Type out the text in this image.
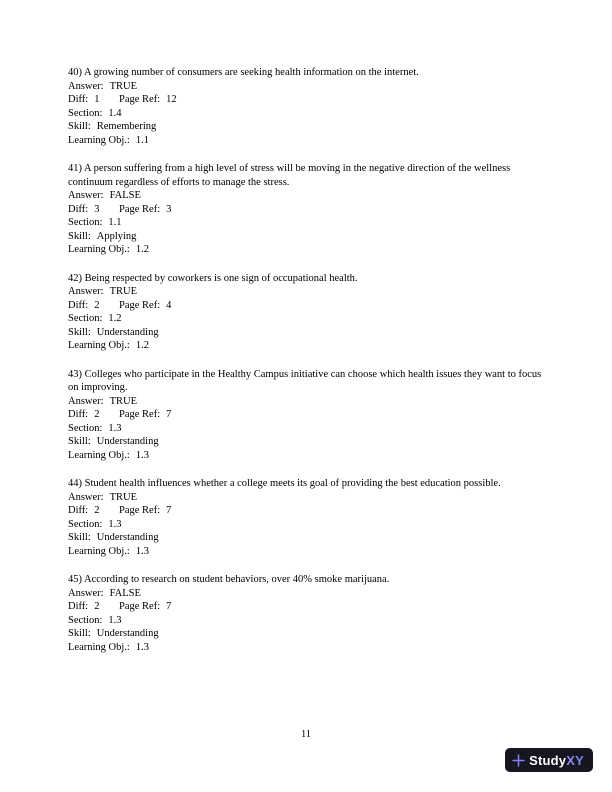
40) A growing number of consumers are seeking health information on the internet.

Answer: TRUE
Diff: 1 Page Ref: 12
Section: 1.4
Skill: Remembering
Learning Obj.: 1.1

41) A person suffering from a high level of stress will be moving in the negative direction of the wellness continuum regardless of efforts to manage the stress.

Answer: FALSE
Diff: 3 Page Ref: 3
Section: 1.1
Skill: Applying
Learning Obj.: 1.2

42) Being respected by coworkers is one sign of occupational health.

Answer: TRUE
Diff: 2 Page Ref: 4
Section: 1.2
Skill: Understanding
Learning Obj.: 1.2

43) Colleges who participate in the Healthy Campus initiative can choose which health issues they want to focus on improving.

Answer: TRUE
Diff: 2 Page Ref: 7
Section: 1.3
Skill: Understanding
Learning Obj.: 1.3

44) Student health influences whether a college meets its goal of providing the best education possible.

Answer: TRUE
Diff: 2 Page Ref: 7
Section: 1.3
Skill: Understanding
Learning Obj.: 1.3

45) According to research on student behaviors, over 40% smoke marijuana.

Answer: FALSE
Diff: 2 Page Ref: 7
Section: 1.3
Skill: Understanding
Learning Obj.: 1.3
11
StudyXY
